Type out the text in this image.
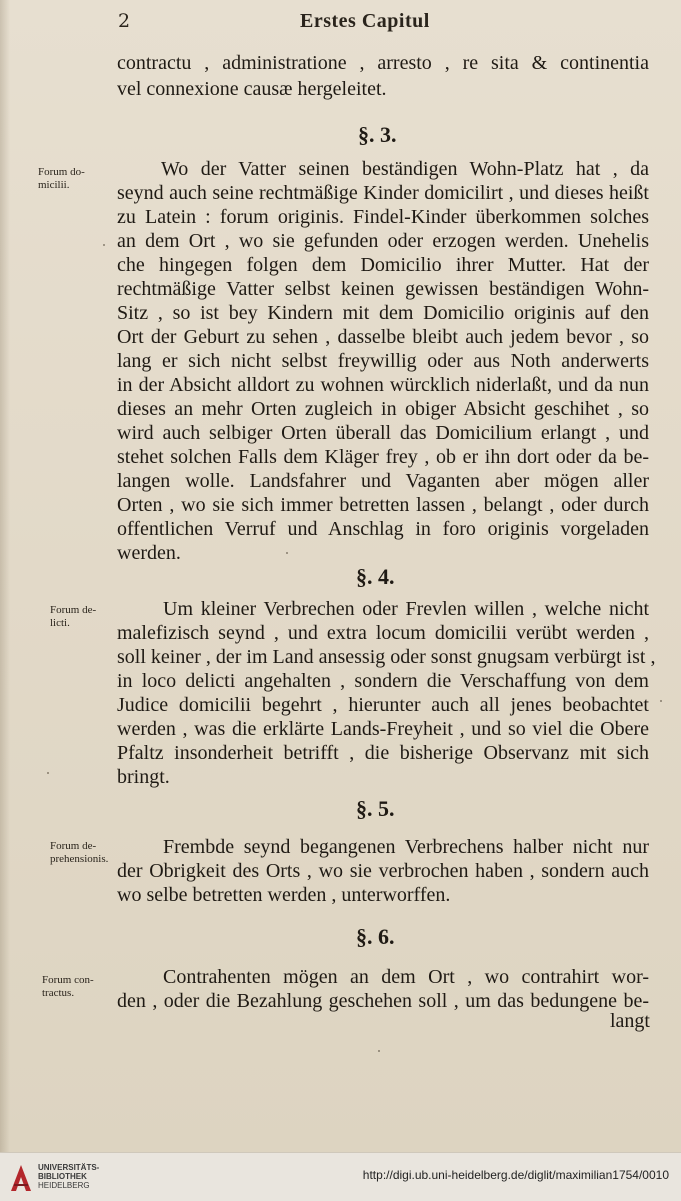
2	Erstes Capitul
contractu , administratione , arresto , re sita & continentia
vel connexione causæ hergeleitet.
§. 3.
Forum do-
micilii.
Wo der Vatter seinen beständigen Wohn-Platz hat , da
seynd auch seine rechtmäßige Kinder domicilirt , und dieses heißt
zu Latein : forum originis. Findel-Kinder überkommen solches
an dem Ort , wo sie gefunden oder erzogen werden. Unehelis
che hingegen folgen dem Domicilio ihrer Mutter. Hat der
rechtmäßige Vatter selbst keinen gewissen beständigen Wohn-
Sitz , so ist bey Kindern mit dem Domicilio originis auf den
Ort der Geburt zu sehen , dasselbe bleibt auch jedem bevor , so
lang er sich nicht selbst freywillig oder aus Noth anderwerts
in der Absicht alldort zu wohnen würcklich niderlaßt, und da nun
dieses an mehr Orten zugleich in obiger Absicht geschihet , so
wird auch selbiger Orten überall das Domicilium erlangt , und
stehet solchen Falls dem Kläger frey , ob er ihn dort oder da be-
langen wolle. Landsfahrer und Vaganten aber mögen aller
Orten , wo sie sich immer betretten lassen , belangt , oder durch
offentlichen Verruf und Anschlag in foro originis vorgeladen
werden.
§. 4.
Forum de-
licti.
Um kleiner Verbrechen oder Frevlen willen , welche nicht
malefizisch seynd , und extra locum domicilii verübt werden ,
soll keiner , der im Land ansessig oder sonst gnugsam verbürgt ist ,
in loco delicti angehalten , sondern die Verschaffung von dem
Judice domicilii begehrt , hierunter auch all jenes beobachtet
werden , was die erklärte Lands-Freyheit , und so viel die Obere
Pfaltz insonderheit betrifft , die bisherige Observanz mit sich
bringt.
§. 5.
Forum de-
prehensionis.
Frembde seynd begangenen Verbrechens halber nicht nur
der Obrigkeit des Orts , wo sie verbrochen haben , sondern auch
wo selbe betretten werden , unterworffen.
§. 6.
Forum con-
tractus.
Contrahenten mögen an dem Ort , wo contrahirt wor-
den , oder die Bezahlung geschehen soll , um das bedungene be-
langt
UNIVERSITÄTS-
BIBLIOTHEK
HEIDELBERG
http://digi.ub.uni-heidelberg.de/diglit/maximilian1754/0010
